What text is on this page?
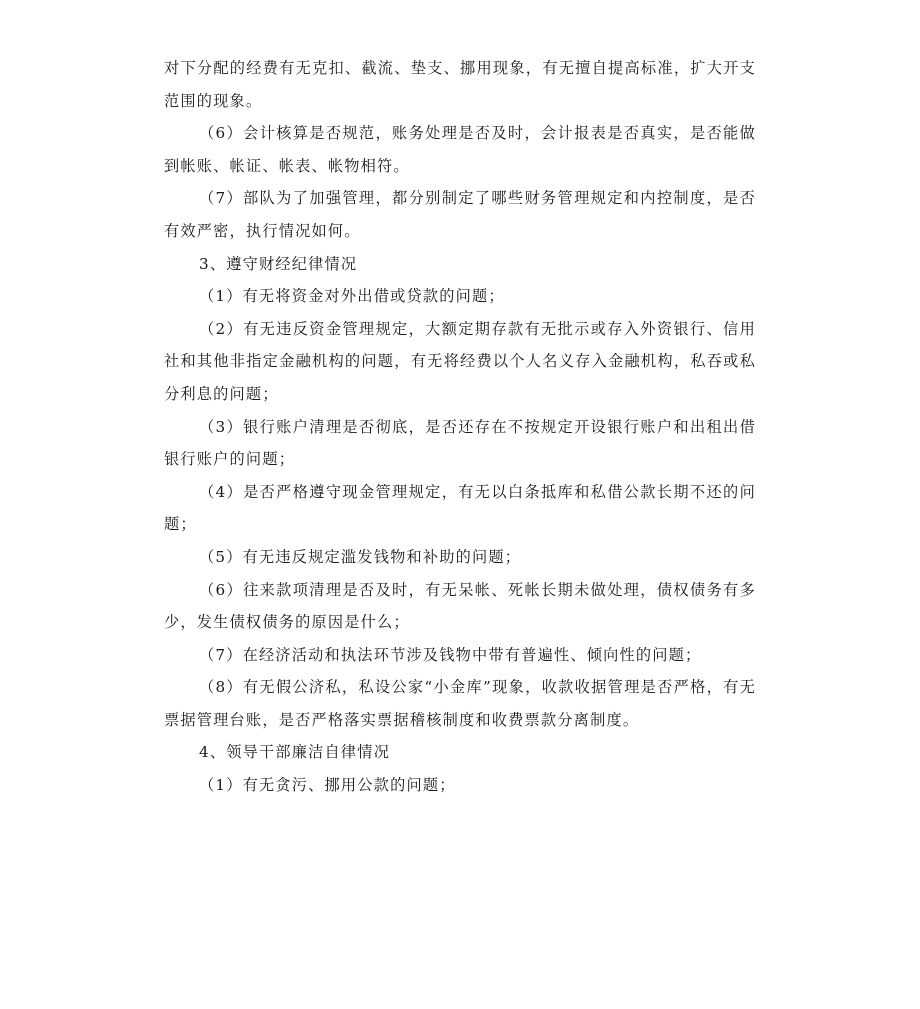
对下分配的经费有无克扣、截流、垫支、挪用现象，有无擅自提高标准，扩大开支范围的现象。

（6）会计核算是否规范，账务处理是否及时，会计报表是否真实，是否能做到帐账、帐证、帐表、帐物相符。

（7）部队为了加强管理，都分别制定了哪些财务管理规定和内控制度，是否有效严密，执行情况如何。

3、遵守财经纪律情况

（1）有无将资金对外出借或贷款的问题；

（2）有无违反资金管理规定，大额定期存款有无批示或存入外资银行、信用社和其他非指定金融机构的问题，有无将经费以个人名义存入金融机构，私吞或私分利息的问题；

（3）银行账户清理是否彻底，是否还存在不按规定开设银行账户和出租出借银行账户的问题；

（4）是否严格遵守现金管理规定，有无以白条抵库和私借公款长期不还的问题；

（5）有无违反规定滥发钱物和补助的问题；

（6）往来款项清理是否及时，有无呆帐、死帐长期未做处理，债权债务有多少，发生债权债务的原因是什么；

（7）在经济活动和执法环节涉及钱物中带有普遍性、倾向性的问题；

（8）有无假公济私，私设公家“小金库”现象，收款收据管理是否严格，有无票据管理台账，是否严格落实票据稽核制度和收费票款分离制度。

4、领导干部廉洁自律情况

（1）有无贪污、挪用公款的问题；
